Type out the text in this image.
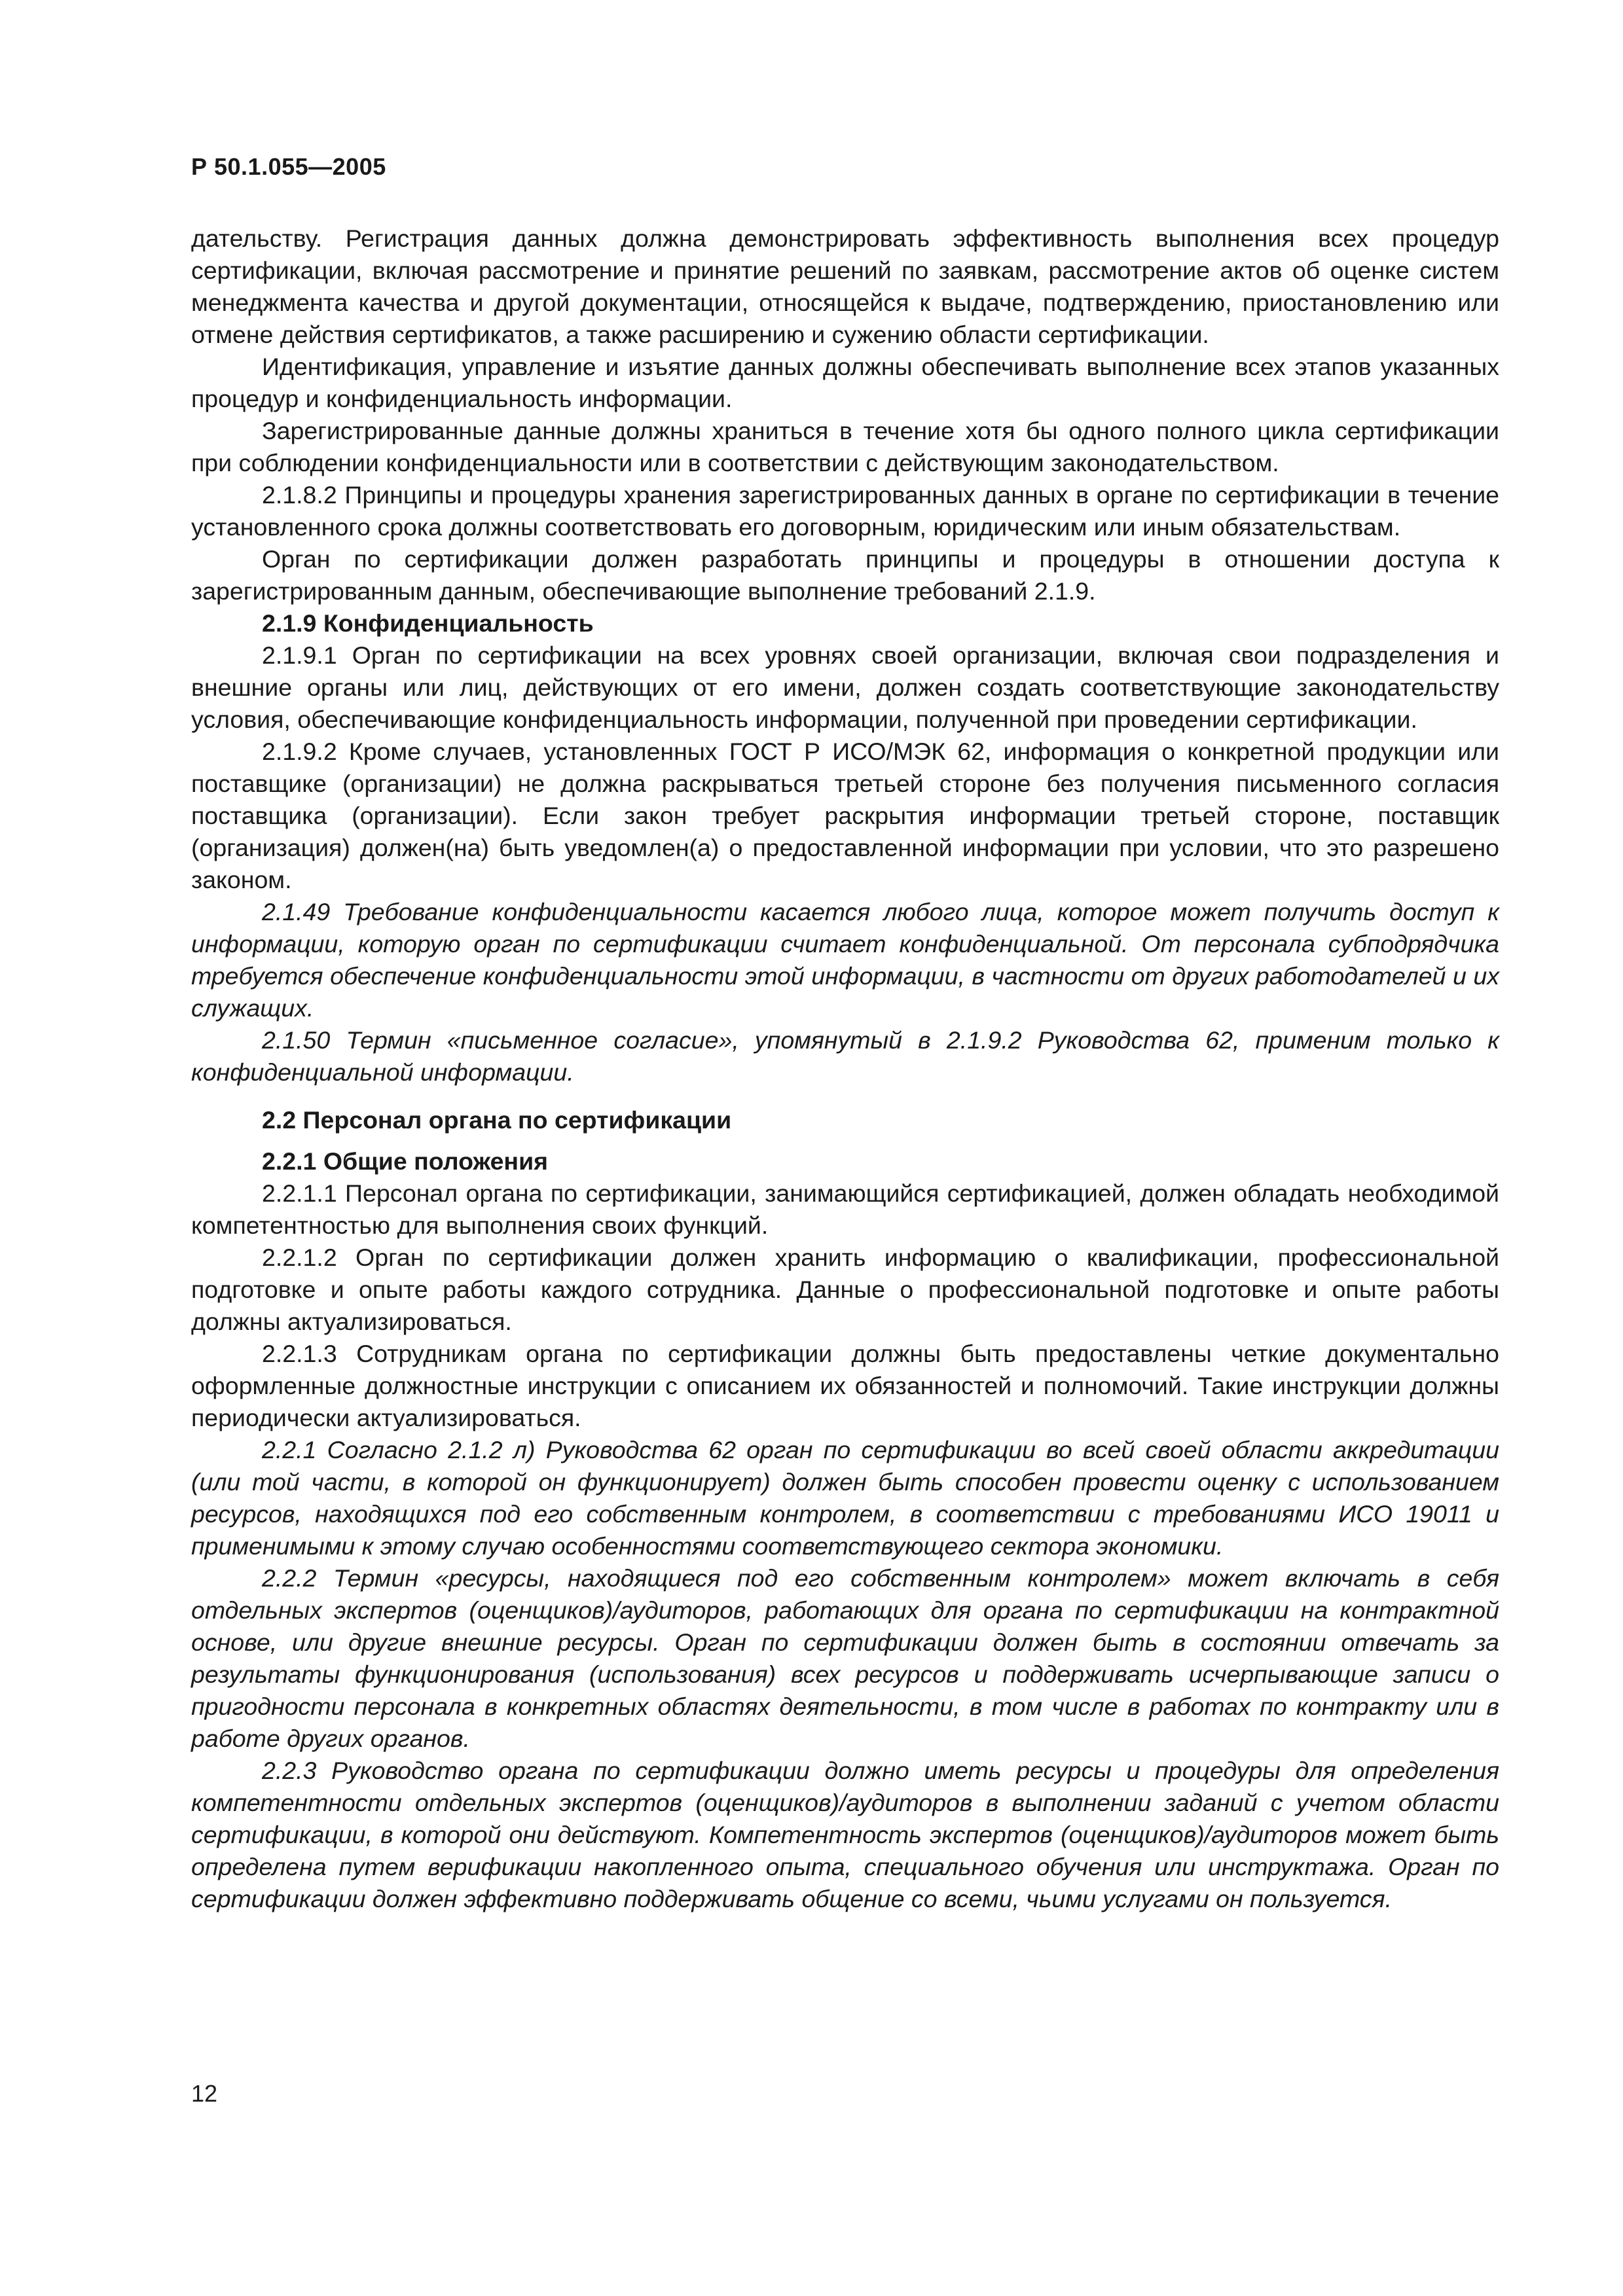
Р 50.1.055—2005

дательству. Регистрация данных должна демонстрировать эффективность выполнения всех процедур сертификации, включая рассмотрение и принятие решений по заявкам, рассмотрение актов об оценке систем менеджмента качества и другой документации, относящейся к выдаче, подтверждению, приостановлению или отмене действия сертификатов, а также расширению и сужению области сертификации.

Идентификация, управление и изъятие данных должны обеспечивать выполнение всех этапов указанных процедур и конфиденциальность информации.

Зарегистрированные данные должны храниться в течение хотя бы одного полного цикла сертификации при соблюдении конфиденциальности или в соответствии с действующим законодательством.

2.1.8.2 Принципы и процедуры хранения зарегистрированных данных в органе по сертификации в течение установленного срока должны соответствовать его договорным, юридическим или иным обязательствам.

Орган по сертификации должен разработать принципы и процедуры в отношении доступа к зарегистрированным данным, обеспечивающие выполнение требований 2.1.9.

2.1.9 Конфиденциальность

2.1.9.1 Орган по сертификации на всех уровнях своей организации, включая свои подразделения и внешние органы или лиц, действующих от его имени, должен создать соответствующие законодательству условия, обеспечивающие конфиденциальность информации, полученной при проведении сертификации.

2.1.9.2 Кроме случаев, установленных ГОСТ Р ИСО/МЭК 62, информация о конкретной продукции или поставщике (организации) не должна раскрываться третьей стороне без получения письменного согласия поставщика (организации). Если закон требует раскрытия информации третьей стороне, поставщик (организация) должен(на) быть уведомлен(а) о предоставленной информации при условии, что это разрешено законом.

2.1.49 Требование конфиденциальности касается любого лица, которое может получить доступ к информации, которую орган по сертификации считает конфиденциальной. От персонала субподрядчика требуется обеспечение конфиденциальности этой информации, в частности от других работодателей и их служащих.

2.1.50 Термин «письменное согласие», упомянутый в 2.1.9.2 Руководства 62, применим только к конфиденциальной информации.

2.2 Персонал органа по сертификации

2.2.1 Общие положения

2.2.1.1 Персонал органа по сертификации, занимающийся сертификацией, должен обладать необходимой компетентностью для выполнения своих функций.

2.2.1.2 Орган по сертификации должен хранить информацию о квалификации, профессиональной подготовке и опыте работы каждого сотрудника. Данные о профессиональной подготовке и опыте работы должны актуализироваться.

2.2.1.3 Сотрудникам органа по сертификации должны быть предоставлены четкие документально оформленные должностные инструкции с описанием их обязанностей и полномочий. Такие инструкции должны периодически актуализироваться.

2.2.1 Согласно 2.1.2 л) Руководства 62 орган по сертификации во всей своей области аккредитации (или той части, в которой он функционирует) должен быть способен провести оценку с использованием ресурсов, находящихся под его собственным контролем, в соответствии с требованиями ИСО 19011 и применимыми к этому случаю особенностями соответствующего сектора экономики.

2.2.2 Термин «ресурсы, находящиеся под его собственным контролем» может включать в себя отдельных экспертов (оценщиков)/аудиторов, работающих для органа по сертификации на контрактной основе, или другие внешние ресурсы. Орган по сертификации должен быть в состоянии отвечать за результаты функционирования (использования) всех ресурсов и поддерживать исчерпывающие записи о пригодности персонала в конкретных областях деятельности, в том числе в работах по контракту или в работе других органов.

2.2.3 Руководство органа по сертификации должно иметь ресурсы и процедуры для определения компетентности отдельных экспертов (оценщиков)/аудиторов в выполнении заданий с учетом области сертификации, в которой они действуют. Компетентность экспертов (оценщиков)/аудиторов может быть определена путем верификации накопленного опыта, специального обучения или инструктажа. Орган по сертификации должен эффективно поддерживать общение со всеми, чьими услугами он пользуется.

12
